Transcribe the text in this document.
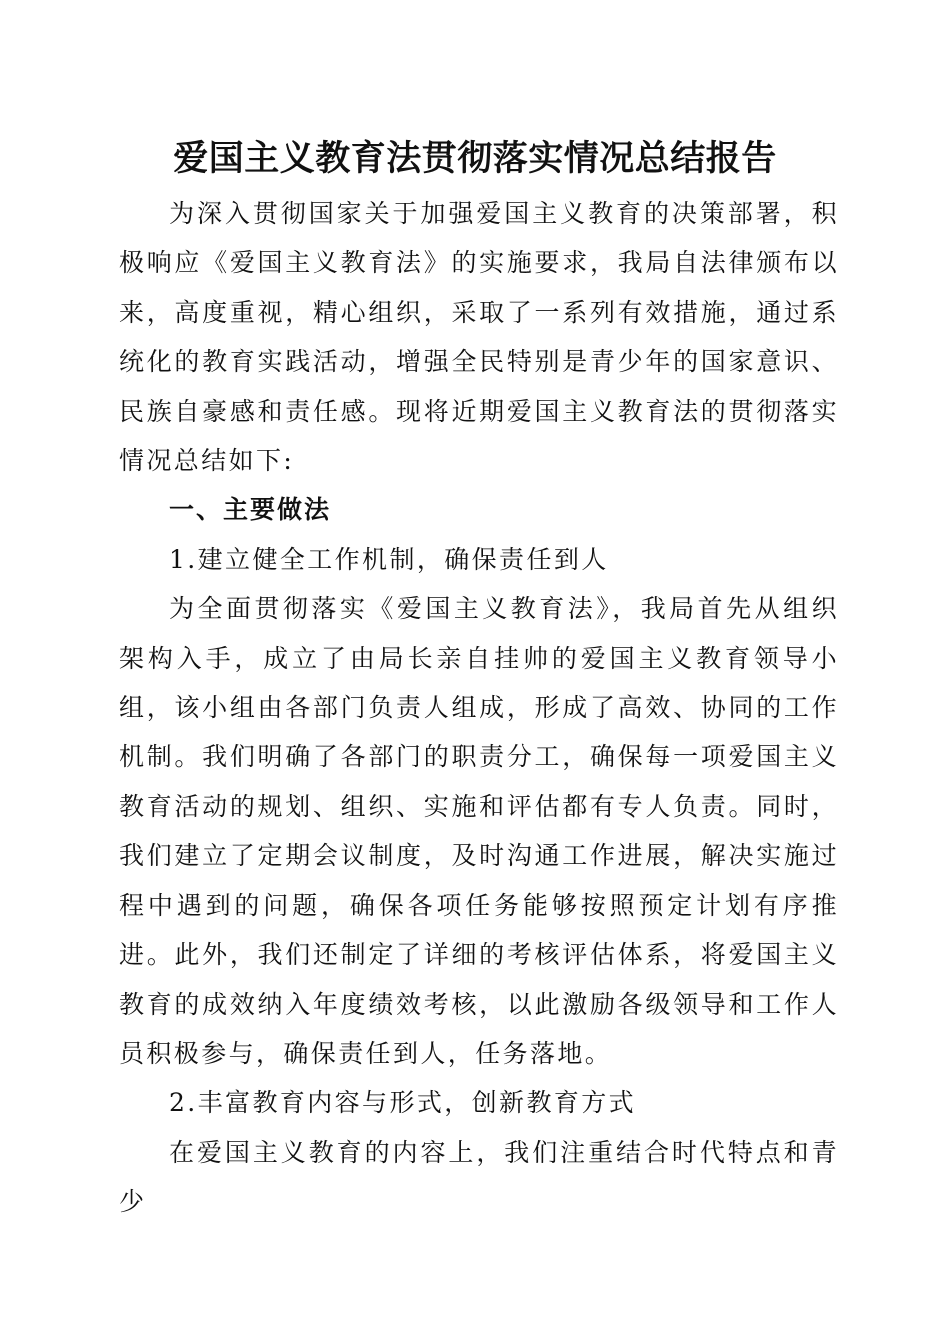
爱国主义教育法贯彻落实情况总结报告

为深入贯彻国家关于加强爱国主义教育的决策部署，积极响应《爱国主义教育法》的实施要求，我局自法律颁布以来，高度重视，精心组织，采取了一系列有效措施，通过系统化的教育实践活动，增强全民特别是青少年的国家意识、民族自豪感和责任感。现将近期爱国主义教育法的贯彻落实情况总结如下:

一、主要做法
1.建立健全工作机制，确保责任到人

为全面贯彻落实《爱国主义教育法》，我局首先从组织架构入手，成立了由局长亲自挂帅的爱国主义教育领导小组，该小组由各部门负责人组成，形成了高效、协同的工作机制。我们明确了各部门的职责分工，确保每一项爱国主义教育活动的规划、组织、实施和评估都有专人负责。同时，我们建立了定期会议制度，及时沟通工作进展，解决实施过程中遇到的问题，确保各项任务能够按照预定计划有序推进。此外，我们还制定了详细的考核评估体系，将爱国主义教育的成效纳入年度绩效考核，以此激励各级领导和工作人员积极参与，确保责任到人，任务落地。

2.丰富教育内容与形式，创新教育方式

在爱国主义教育的内容上，我们注重结合时代特点和青少
